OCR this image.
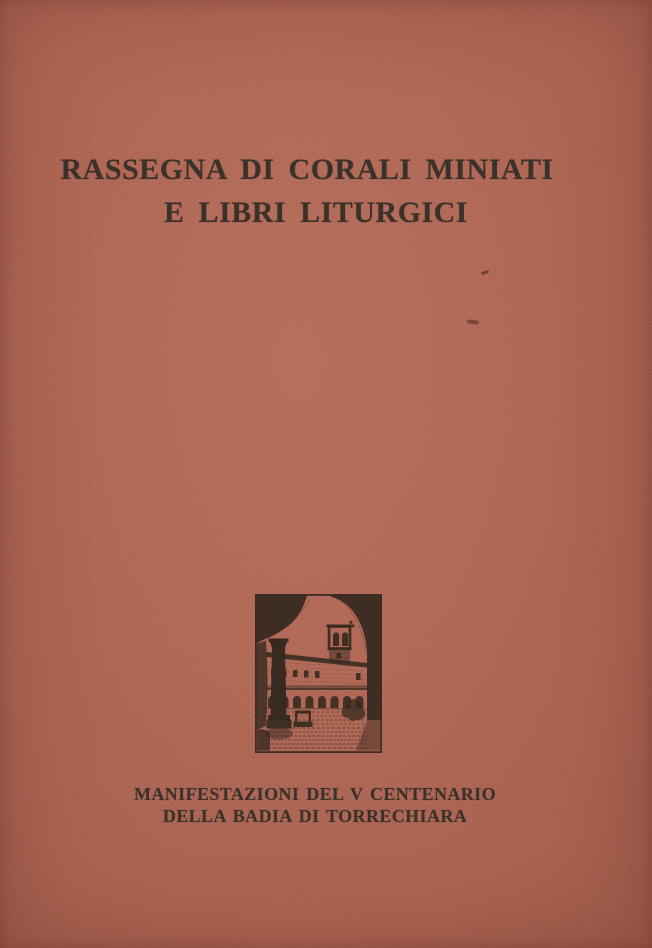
RASSEGNA DI CORALI MINIATI
E LIBRI LITURGICI
MANIFESTAZIONI DEL V CENTENARIO
DELLA BADIA DI TORRECHIARA
